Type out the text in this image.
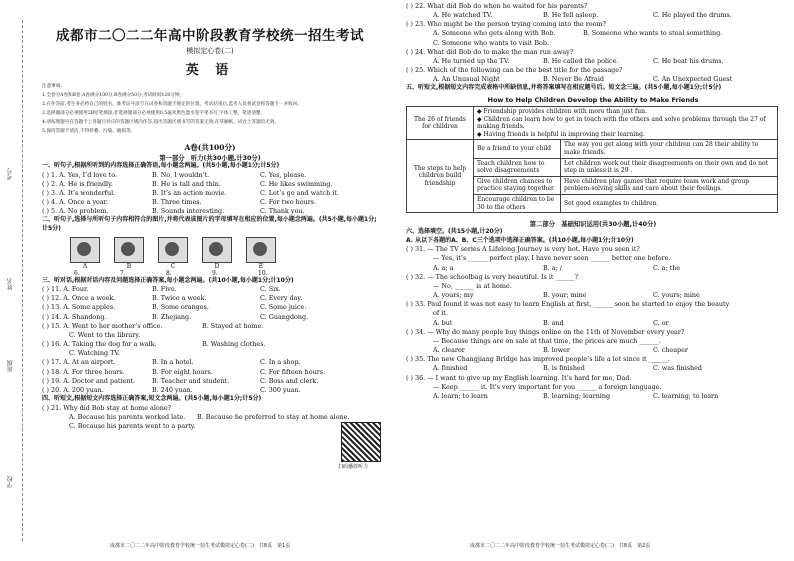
考号
姓名
班级
学校
成都市二〇二二年高中阶段教育学校统一招生考试
模拟定心卷(二)
英 语
注意事项:
1.全卷分A卷和B卷,A卷满分100分,B卷满分50分;考试时间120分钟。
2.在作答前,考生务必将自己的姓名、准考证号涂写在试卷和答题卡规定的位置。考试结束后,监考人员将试卷和答题卡一并收回。
3.选择题部分必须使用2B铅笔填涂;非选择题部分必须使用0.5毫米黑色墨水签字笔书写,字体工整、笔迹清楚。
4.请按照题号在答题卡上各题目对应的答题区域内作答,超出答题区域书写的答案无效;在草稿纸、试卷上答题均无效。
5.保持答题卡清洁,不得折叠、污染、破损等。
A卷(共100分)
第一部分　听力(共30小题,计30分)
一、听句子,根据所听到的内容选择正确答语,每小题念两遍。(共5小题,每小题1分;计5分)
( ) 1. A. Yes, I’d love to.	B. No, I wouldn’t.	C. Yes, please.
( ) 2. A. He is friendly.	B. He is tall and thin.	C. He likes swimming.
( ) 3. A. It’s wonderful.	B. It’s an action movie.	C. Let’s go and watch it.
( ) 4. A. Once a year.	B. Three times.	C. For two hours.
( ) 5. A. No problem.	B. Sounds interesting.	C. Thank you.
二、听句子,选择与所听句子内容相符合的图片,并将代表该图片的字母填写在相应的位置,每小题念两遍。(共5小题,每小题1分;计5分)
A	B	C	D	E
6.	7.	8.	9.	10.
三、听对话,根据对话内容及问题选择正确答案,每小题念两遍。(共10小题,每小题1分;计10分)
( ) 11. A. Four.	B. Five.	C. Six.
( ) 12. A. Once a week.	B. Twice a week.	C. Every day.
( ) 13. A. Some apples.	B. Some oranges.	C. Some juice.
( ) 14. A. Shandong.	B. Zhejiang.	C. Guangdong.
( ) 15. A. Went to her mother’s office.	B. Stayed at home.
C. Went to the library.
( ) 16. A. Taking the dog for a walk.	B. Washing clothes.
C. Watching TV.
( ) 17. A. At an airport.	B. In a hotel.	C. In a shop.
( ) 18. A. For three hours.	B. For eight hours.	C. For fifteen hours.
( ) 19. A. Doctor and patient.	B. Teacher and student.	C. Boss and clerk.
( ) 20. A. 200 yuan.	B. 240 yuan.	C. 300 yuan.
四、听短文,根据短文内容选择正确答案,短文念两遍。(共5小题,每小题1分;计5分)
( ) 21. Why did Bob stay at home alone?
A. Because his parents worked late.	B. Because he preferred to stay at home alone.
C. Because his parents went to a party.
扫码播放听力
成都市二〇二二年高中阶段教育学校统一招生考试模拟定心卷(二)　共8页　第1页
( ) 22. What did Bob do when he waited for his parents?
A. He watched TV.	B. He fell asleep.	C. He played the drums.
( ) 23. Who might be the person trying coming into the room?
A. Someone who gets along with Bob.	B. Someone who wants to steal something.
C. Someone who wants to visit Bob.
( ) 24. What did Bob do to make the man run away?
A. He turned up the TV.	B. He called the police.	C. He beat his drums.
( ) 25. Which of the following can be the best title for the passage?
A. An Unusual Night	B. Never Be Afraid	C. An Unexpected Guest
五、听短文,根据短文内容完成表格中所缺信息,并将答案填写在相应题号后。短文念三遍。(共5小题,每小题1分;计5分)
How to Help Children Develop the Ability to Make Friends
The 26 of friends for children	◆ Friendship provides children with more than just fun.
◆ Children can learn how to get in touch with the others and solve problems through the 27 of making friends.
◆ Having friends is helpful in improving their learning.	

The steps to help children build friendship	Be a friend to your child	The way you get along with your children can 28 their ability to make friends.
	Teach children how to solve disagreements	Let children work out their disagreements on their own and do not step in unless it is 29 .
	Give children chances to practice staying together	Have children play games that require team work and group problem-solving skills and care about their feelings.
	Encourage children to be 30 to the others	Set good examples to children.
第二部分　基础知识运用(共30小题,计40分)
六、选择填空。(共15小题,计20分)
A. 从以下各题的A、B、C三个选项中选择正确答案。(共10小题,每小题1分;计10分)
( ) 31. — The TV series A Lifelong Journey is very hot. Have you seen it?
— Yes, it’s ______ perfect play. I have never seen ______ better one before.
A. a; a	B. a; /	C. a; the
( ) 32. — The schoolbag is very beautiful. Is it ______?
— No, ______ is at home.
A. yours; my	B. your; mine	C. yours; mine
( ) 33. Paul found it was not easy to learn English at first, ______ soon he started to enjoy the beauty
of it.
A. but	B. and	C. or
( ) 34. — Why do many people buy things online on the 11th of November every year?
— Because things are on sale at that time, the prices are much ______.
A. clearer	B. lower	C. cheaper
( ) 35. The new Changjiang Bridge has improved people’s life a lot since it ______.
A. finished	B. is finished	C. was finished
( ) 36. — I want to give up my English learning. It’s hard for me, Dad.
— Keep ______ it. It’s very important for you ______ a foreign language.
A. learn; to learn	B. learning; learning	C. learning; to learn
成都市二〇二二年高中阶段教育学校统一招生考试模拟定心卷(二)　共8页　第2页
